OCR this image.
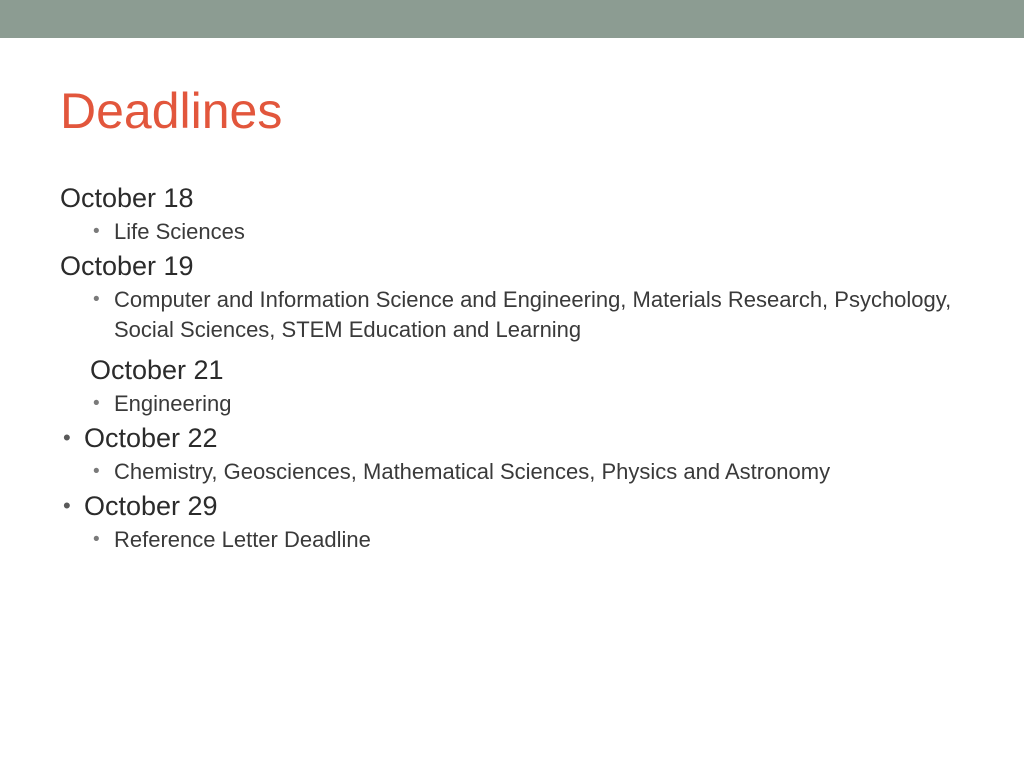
Deadlines
October 18
• Life Sciences
October 19
• Computer and Information Science and Engineering, Materials Research, Psychology, Social Sciences, STEM Education and Learning
October 21
• Engineering
• October 22
• Chemistry, Geosciences, Mathematical Sciences, Physics and Astronomy
• October 29
• Reference Letter Deadline
